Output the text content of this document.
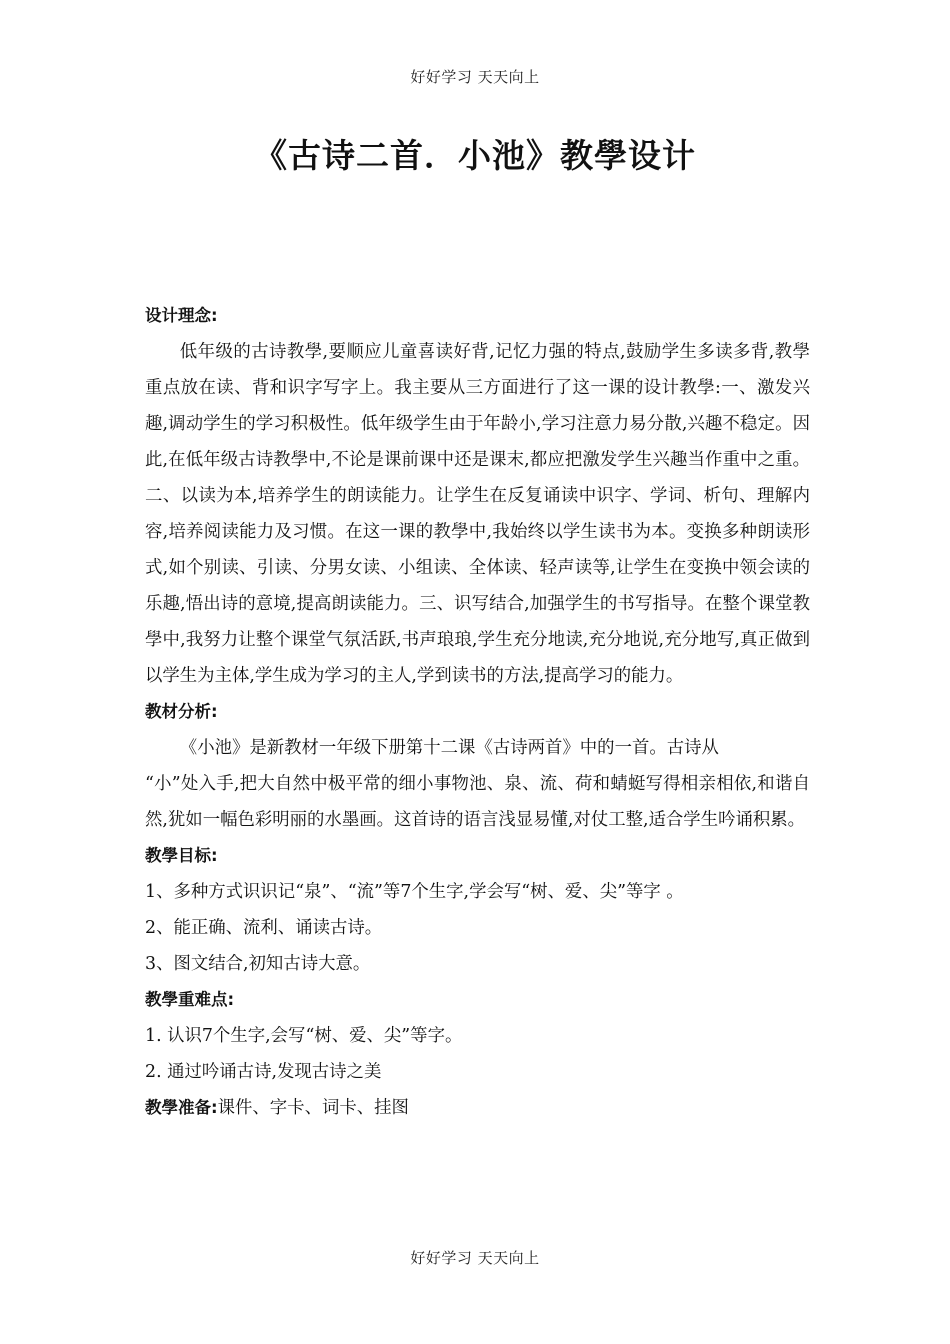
好好学习 天天向上
《古诗二首．小池》教學设计
设计理念:

低年级的古诗教學,要顺应儿童喜读好背,记忆力强的特点,鼓励学生多读多背,教學重点放在读、背和识字写字上。我主要从三方面进行了这一课的设计教學:一、激发兴趣,调动学生的学习积极性。低年级学生由于年龄小,学习注意力易分散,兴趣不稳定。因此,在低年级古诗教學中,不论是课前课中还是课末,都应把激发学生兴趣当作重中之重。二、以读为本,培养学生的朗读能力。让学生在反复诵读中识字、学词、析句、理解内容,培养阅读能力及习惯。在这一课的教學中,我始终以学生读书为本。变换多种朗读形式,如个别读、引读、分男女读、小组读、全体读、轻声读等,让学生在变换中领会读的乐趣,悟出诗的意境,提高朗读能力。三、识写结合,加强学生的书写指导。在整个课堂教學中,我努力让整个课堂气氛活跃,书声琅琅,学生充分地读,充分地说,充分地写,真正做到以学生为主体,学生成为学习的主人,学到读书的方法,提高学习的能力。

教材分析:

《小池》是新教材一年级下册第十二课《古诗两首》中的一首。古诗从

“小”处入手,把大自然中极平常的细小事物池、泉、流、荷和蜻蜓写得相亲相依,和谐自然,犹如一幅色彩明丽的水墨画。这首诗的语言浅显易懂,对仗工整,适合学生吟诵积累。

教學目标:

1、多种方式识识记“泉”、“流”等7个生字,学会写“树、爱、尖”等字 。

2、能正确、流利、诵读古诗。

3、图文结合,初知古诗大意。

教學重难点:

1. 认识7个生字,会写“树、爱、尖”等字。

2. 通过吟诵古诗,发现古诗之美

教學准备:课件、字卡、词卡、挂图
好好学习 天天向上
